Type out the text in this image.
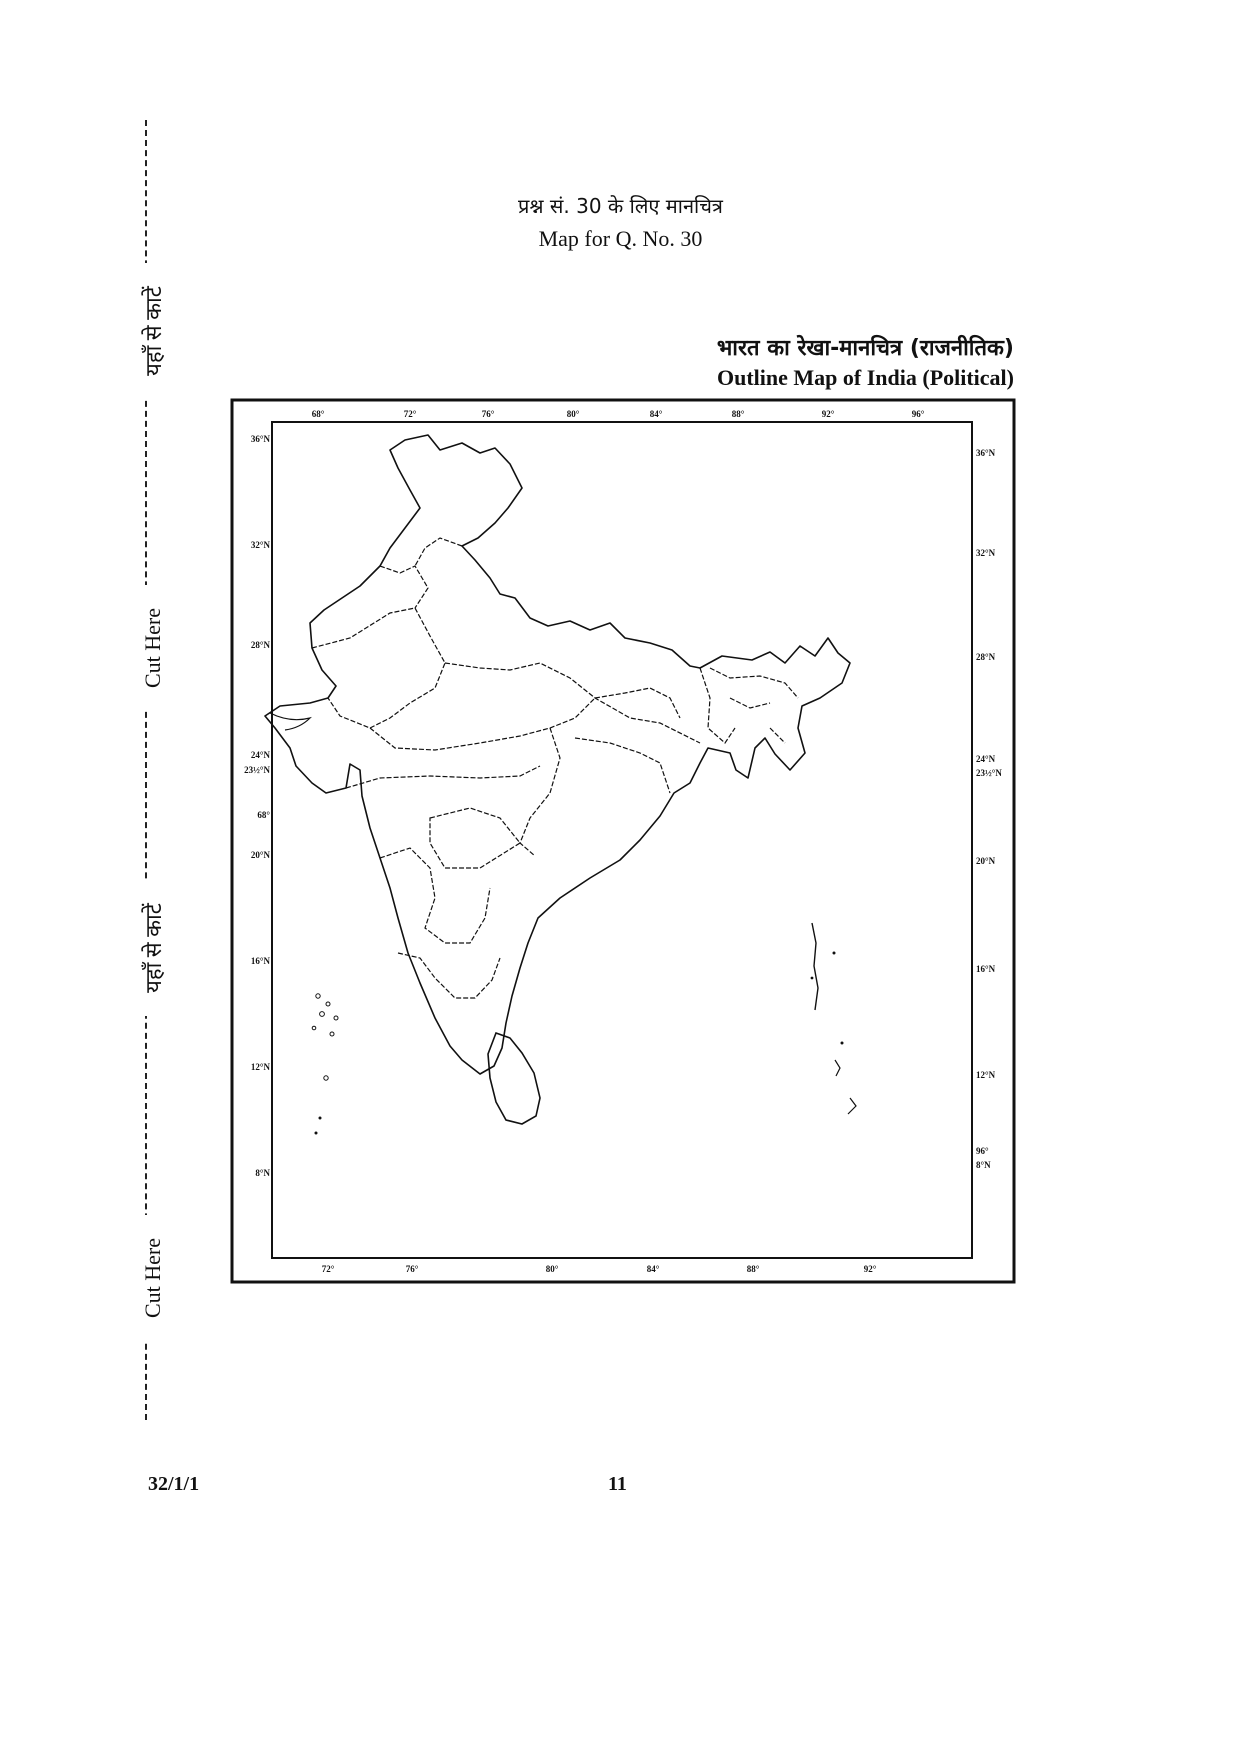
यहाँ से काटें
Cut Here
यहाँ से काटें
Cut Here
प्रश्न सं. 30 के लिए मानचित्र
Map for Q. No. 30
भारत का रेखा-मानचित्र (राजनीतिक)
Outline Map of India (Political)
68°	72°	76°	80°	84°	88°	92°	96°
72°	76°	80°	84°	88°	92°
36°N
32°N
28°N
24°N
23½°N
68°
20°N
16°N
12°N
8°N
36°N
32°N
28°N
24°N
23½°N
20°N
16°N
12°N
96°
8°N
32/1/1	11
